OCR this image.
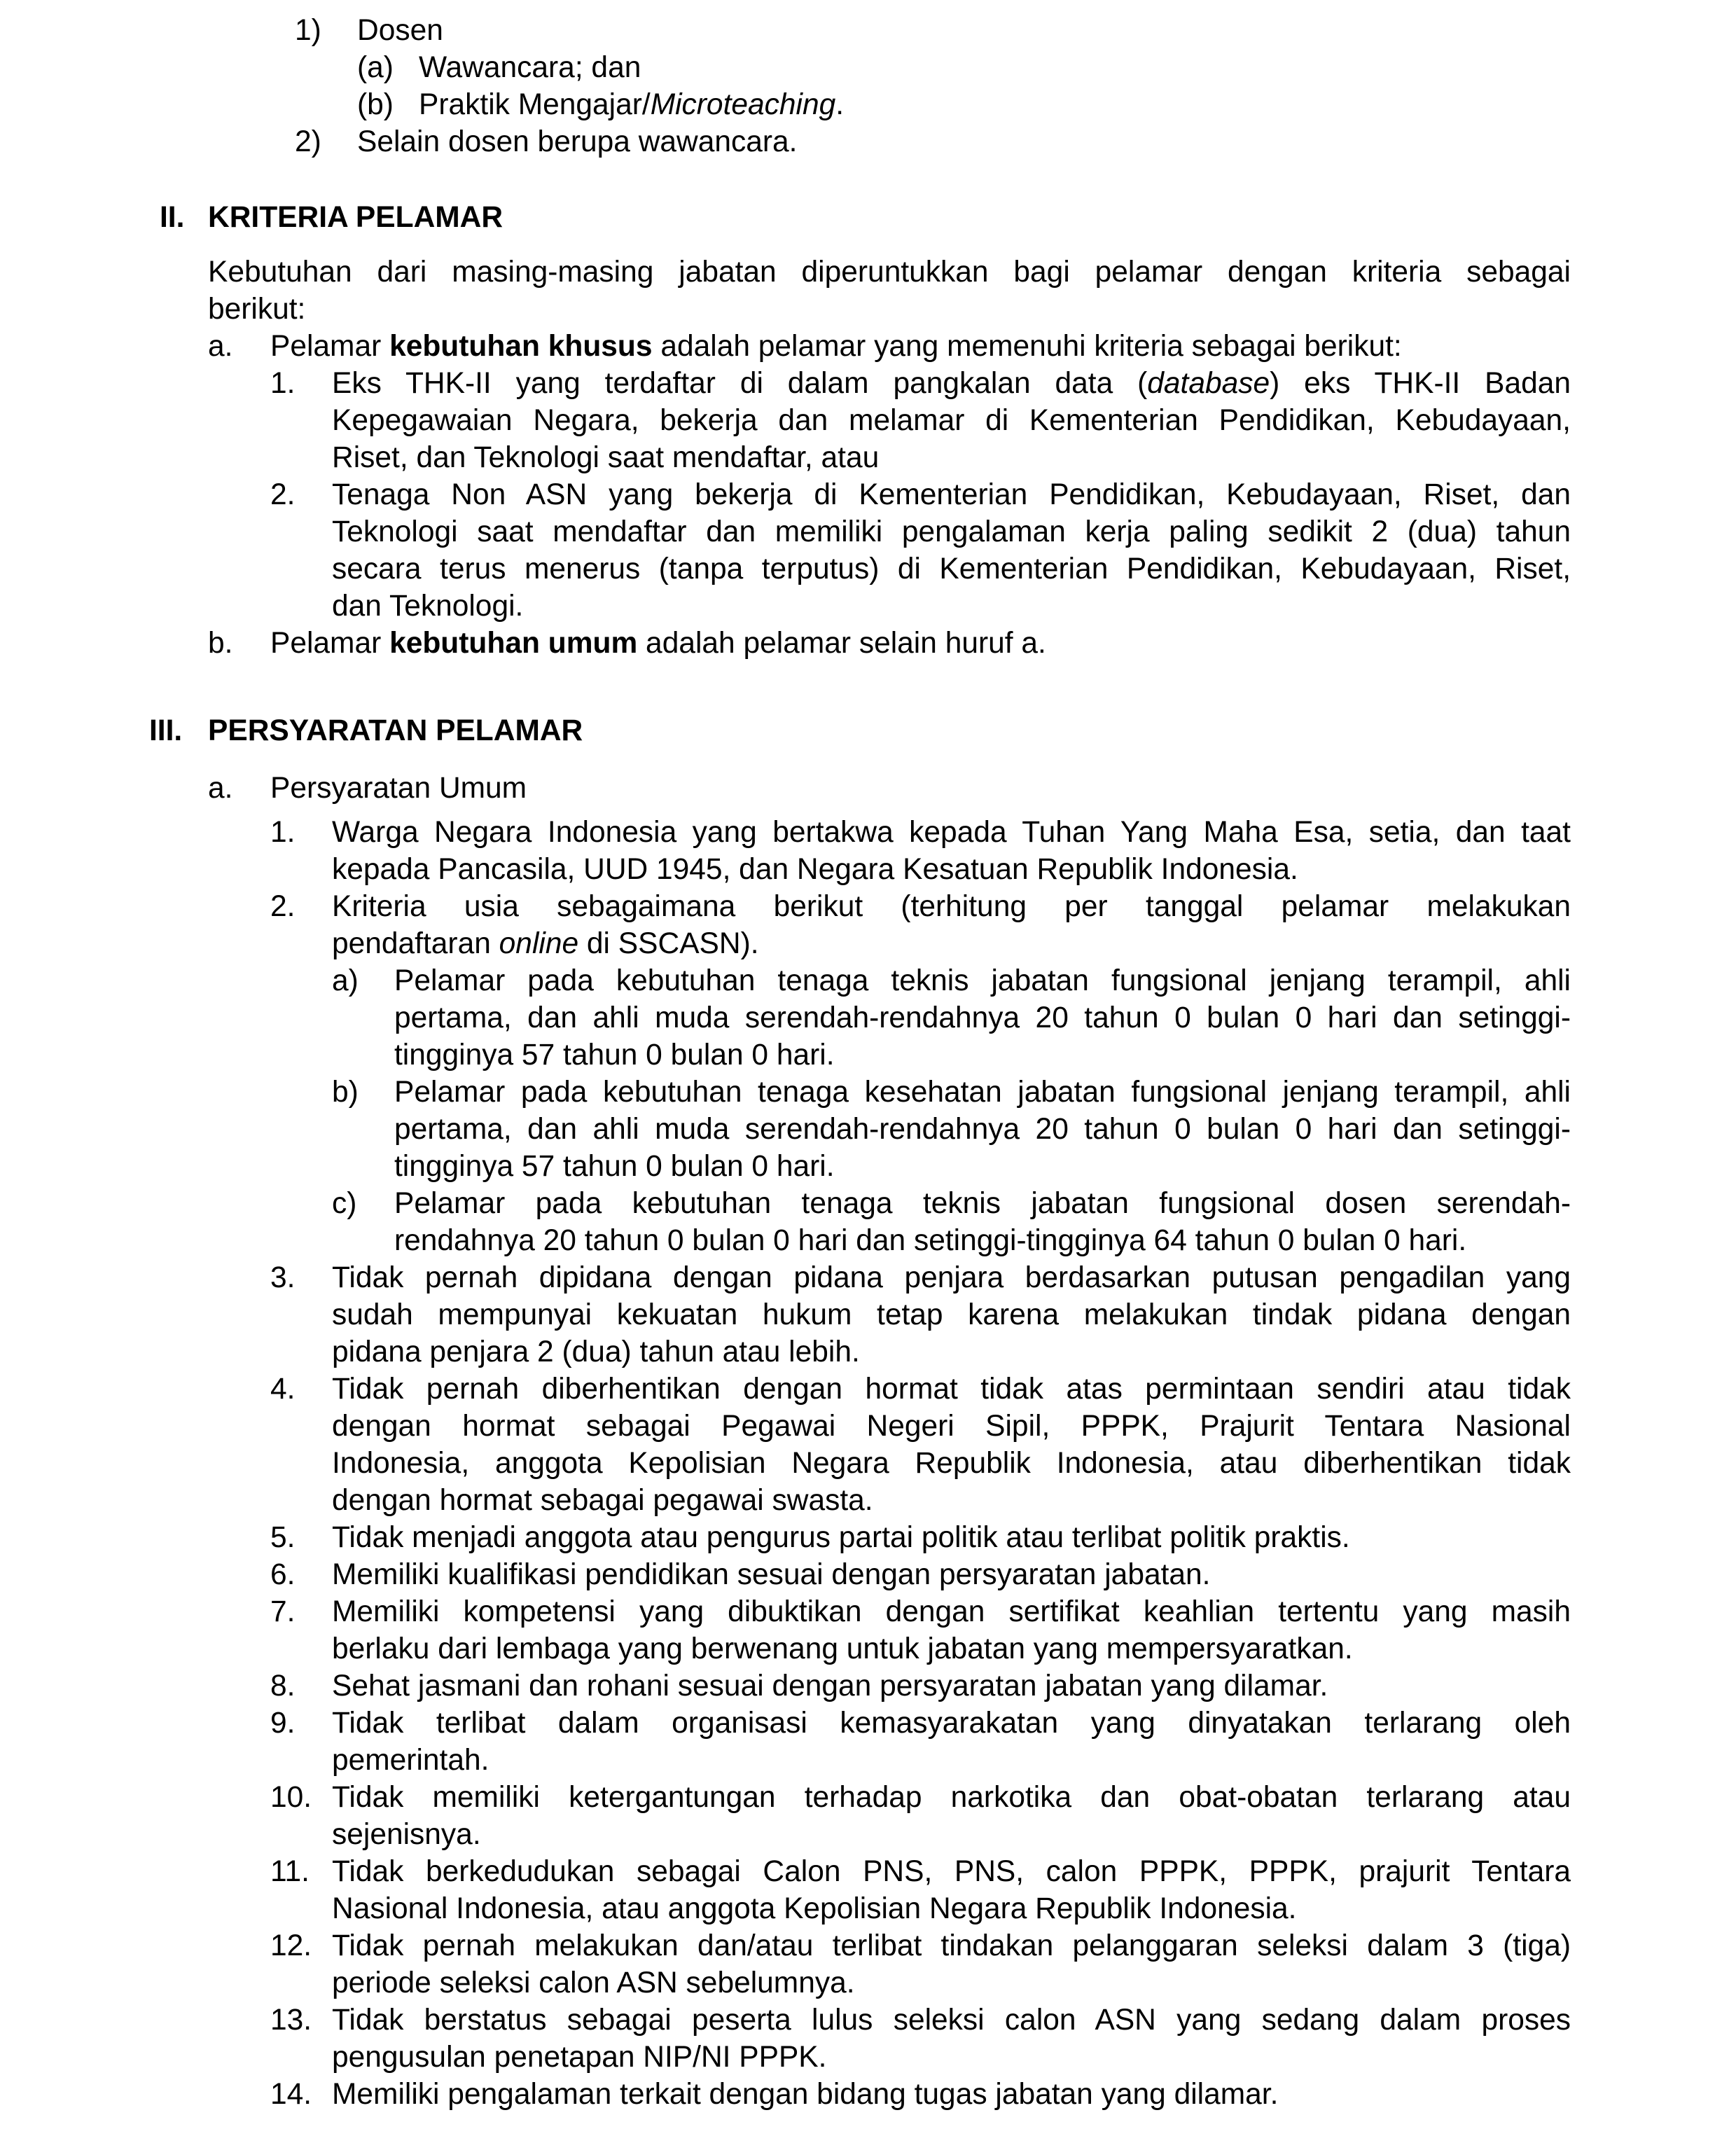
1) Dosen
(a) Wawancara; dan
(b) Praktik Mengajar/Microteaching.
2) Selain dosen berupa wawancara.
II. KRITERIA PELAMAR
Kebutuhan dari masing-masing jabatan diperuntukkan bagi pelamar dengan kriteria sebagai
berikut:
a. Pelamar kebutuhan khusus adalah pelamar yang memenuhi kriteria sebagai berikut:
1. Eks THK-II yang terdaftar di dalam pangkalan data (database) eks THK-II Badan
Kepegawaian Negara, bekerja dan melamar di Kementerian Pendidikan, Kebudayaan,
Riset, dan Teknologi saat mendaftar, atau
2. Tenaga Non ASN yang bekerja di Kementerian Pendidikan, Kebudayaan, Riset, dan
Teknologi saat mendaftar dan memiliki pengalaman kerja paling sedikit 2 (dua) tahun
secara terus menerus (tanpa terputus) di Kementerian Pendidikan, Kebudayaan, Riset,
dan Teknologi.
b. Pelamar kebutuhan umum adalah pelamar selain huruf a.
III. PERSYARATAN PELAMAR
a. Persyaratan Umum
1. Warga Negara Indonesia yang bertakwa kepada Tuhan Yang Maha Esa, setia, dan taat
kepada Pancasila, UUD 1945, dan Negara Kesatuan Republik Indonesia.
2. Kriteria usia sebagaimana berikut (terhitung per tanggal pelamar melakukan
pendaftaran online di SSCASN).
a) Pelamar pada kebutuhan tenaga teknis jabatan fungsional jenjang terampil, ahli
pertama, dan ahli muda serendah-rendahnya 20 tahun 0 bulan 0 hari dan setinggi-
tingginya 57 tahun 0 bulan 0 hari.
b) Pelamar pada kebutuhan tenaga kesehatan jabatan fungsional jenjang terampil, ahli
pertama, dan ahli muda serendah-rendahnya 20 tahun 0 bulan 0 hari dan setinggi-
tingginya 57 tahun 0 bulan 0 hari.
c) Pelamar pada kebutuhan tenaga teknis jabatan fungsional dosen serendah-
rendahnya 20 tahun 0 bulan 0 hari dan setinggi-tingginya 64 tahun 0 bulan 0 hari.
3. Tidak pernah dipidana dengan pidana penjara berdasarkan putusan pengadilan yang
sudah mempunyai kekuatan hukum tetap karena melakukan tindak pidana dengan
pidana penjara 2 (dua) tahun atau lebih.
4. Tidak pernah diberhentikan dengan hormat tidak atas permintaan sendiri atau tidak
dengan hormat sebagai Pegawai Negeri Sipil, PPPK, Prajurit Tentara Nasional
Indonesia, anggota Kepolisian Negara Republik Indonesia, atau diberhentikan tidak
dengan hormat sebagai pegawai swasta.
5. Tidak menjadi anggota atau pengurus partai politik atau terlibat politik praktis.
6. Memiliki kualifikasi pendidikan sesuai dengan persyaratan jabatan.
7. Memiliki kompetensi yang dibuktikan dengan sertifikat keahlian tertentu yang masih
berlaku dari lembaga yang berwenang untuk jabatan yang mempersyaratkan.
8. Sehat jasmani dan rohani sesuai dengan persyaratan jabatan yang dilamar.
9. Tidak terlibat dalam organisasi kemasyarakatan yang dinyatakan terlarang oleh
pemerintah.
10. Tidak memiliki ketergantungan terhadap narkotika dan obat-obatan terlarang atau
sejenisnya.
11. Tidak berkedudukan sebagai Calon PNS, PNS, calon PPPK, PPPK, prajurit Tentara
Nasional Indonesia, atau anggota Kepolisian Negara Republik Indonesia.
12. Tidak pernah melakukan dan/atau terlibat tindakan pelanggaran seleksi dalam 3 (tiga)
periode seleksi calon ASN sebelumnya.
13. Tidak berstatus sebagai peserta lulus seleksi calon ASN yang sedang dalam proses
pengusulan penetapan NIP/NI PPPK.
14. Memiliki pengalaman terkait dengan bidang tugas jabatan yang dilamar.
